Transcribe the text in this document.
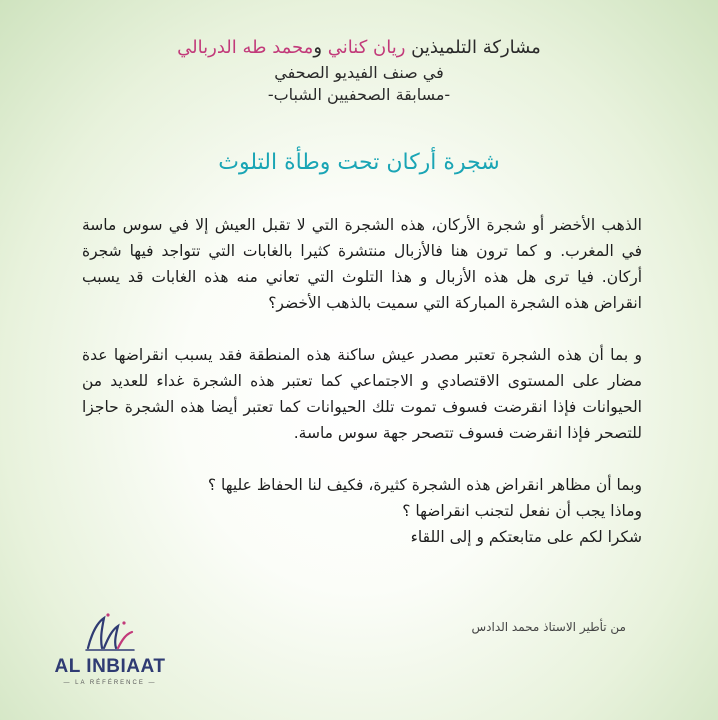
مشاركة التلميذين ريان كناني ومحمد طه الدربالي
في صنف الفيديو الصحفي
-مسابقة الصحفيين الشباب-
شجرة أركان تحت وطأة التلوث

الذهب الأخضر أو شجرة الأركان، هذه الشجرة التي لا تقبل العيش إلا في سوس ماسة في المغرب. و كما ترون هنا فالأزبال منتشرة كثيرا بالغابات التي تتواجد فيها شجرة أركان. فيا ترى هل هذه الأزبال و هذا التلوث التي تعاني منه هذه الغابات قد يسبب انقراض هذه الشجرة المباركة التي سميت بالذهب الأخضر؟

و بما أن هذه الشجرة تعتبر مصدر عيش ساكنة هذه المنطقة فقد يسبب انقراضها عدة مضار على المستوى الاقتصادي و الاجتماعي كما تعتبر هذه الشجرة غداء للعديد من الحيوانات فإذا انقرضت فسوف تموت تلك الحيوانات كما تعتبر أيضا هذه الشجرة حاجزا للتصحر فإذا انقرضت فسوف تتصحر جهة سوس ماسة.

وبما أن مظاهر انقراض هذه الشجرة كثيرة، فكيف لنا الحفاظ عليها ؟

وماذا يجب أن نفعل لتجنب انقراضها ؟

شكرا لكم على متابعتكم و إلى اللقاء

من تأطير الاستاذ محمد الدادس
AL INBIAAT
— LA RÉFÉRENCE —
